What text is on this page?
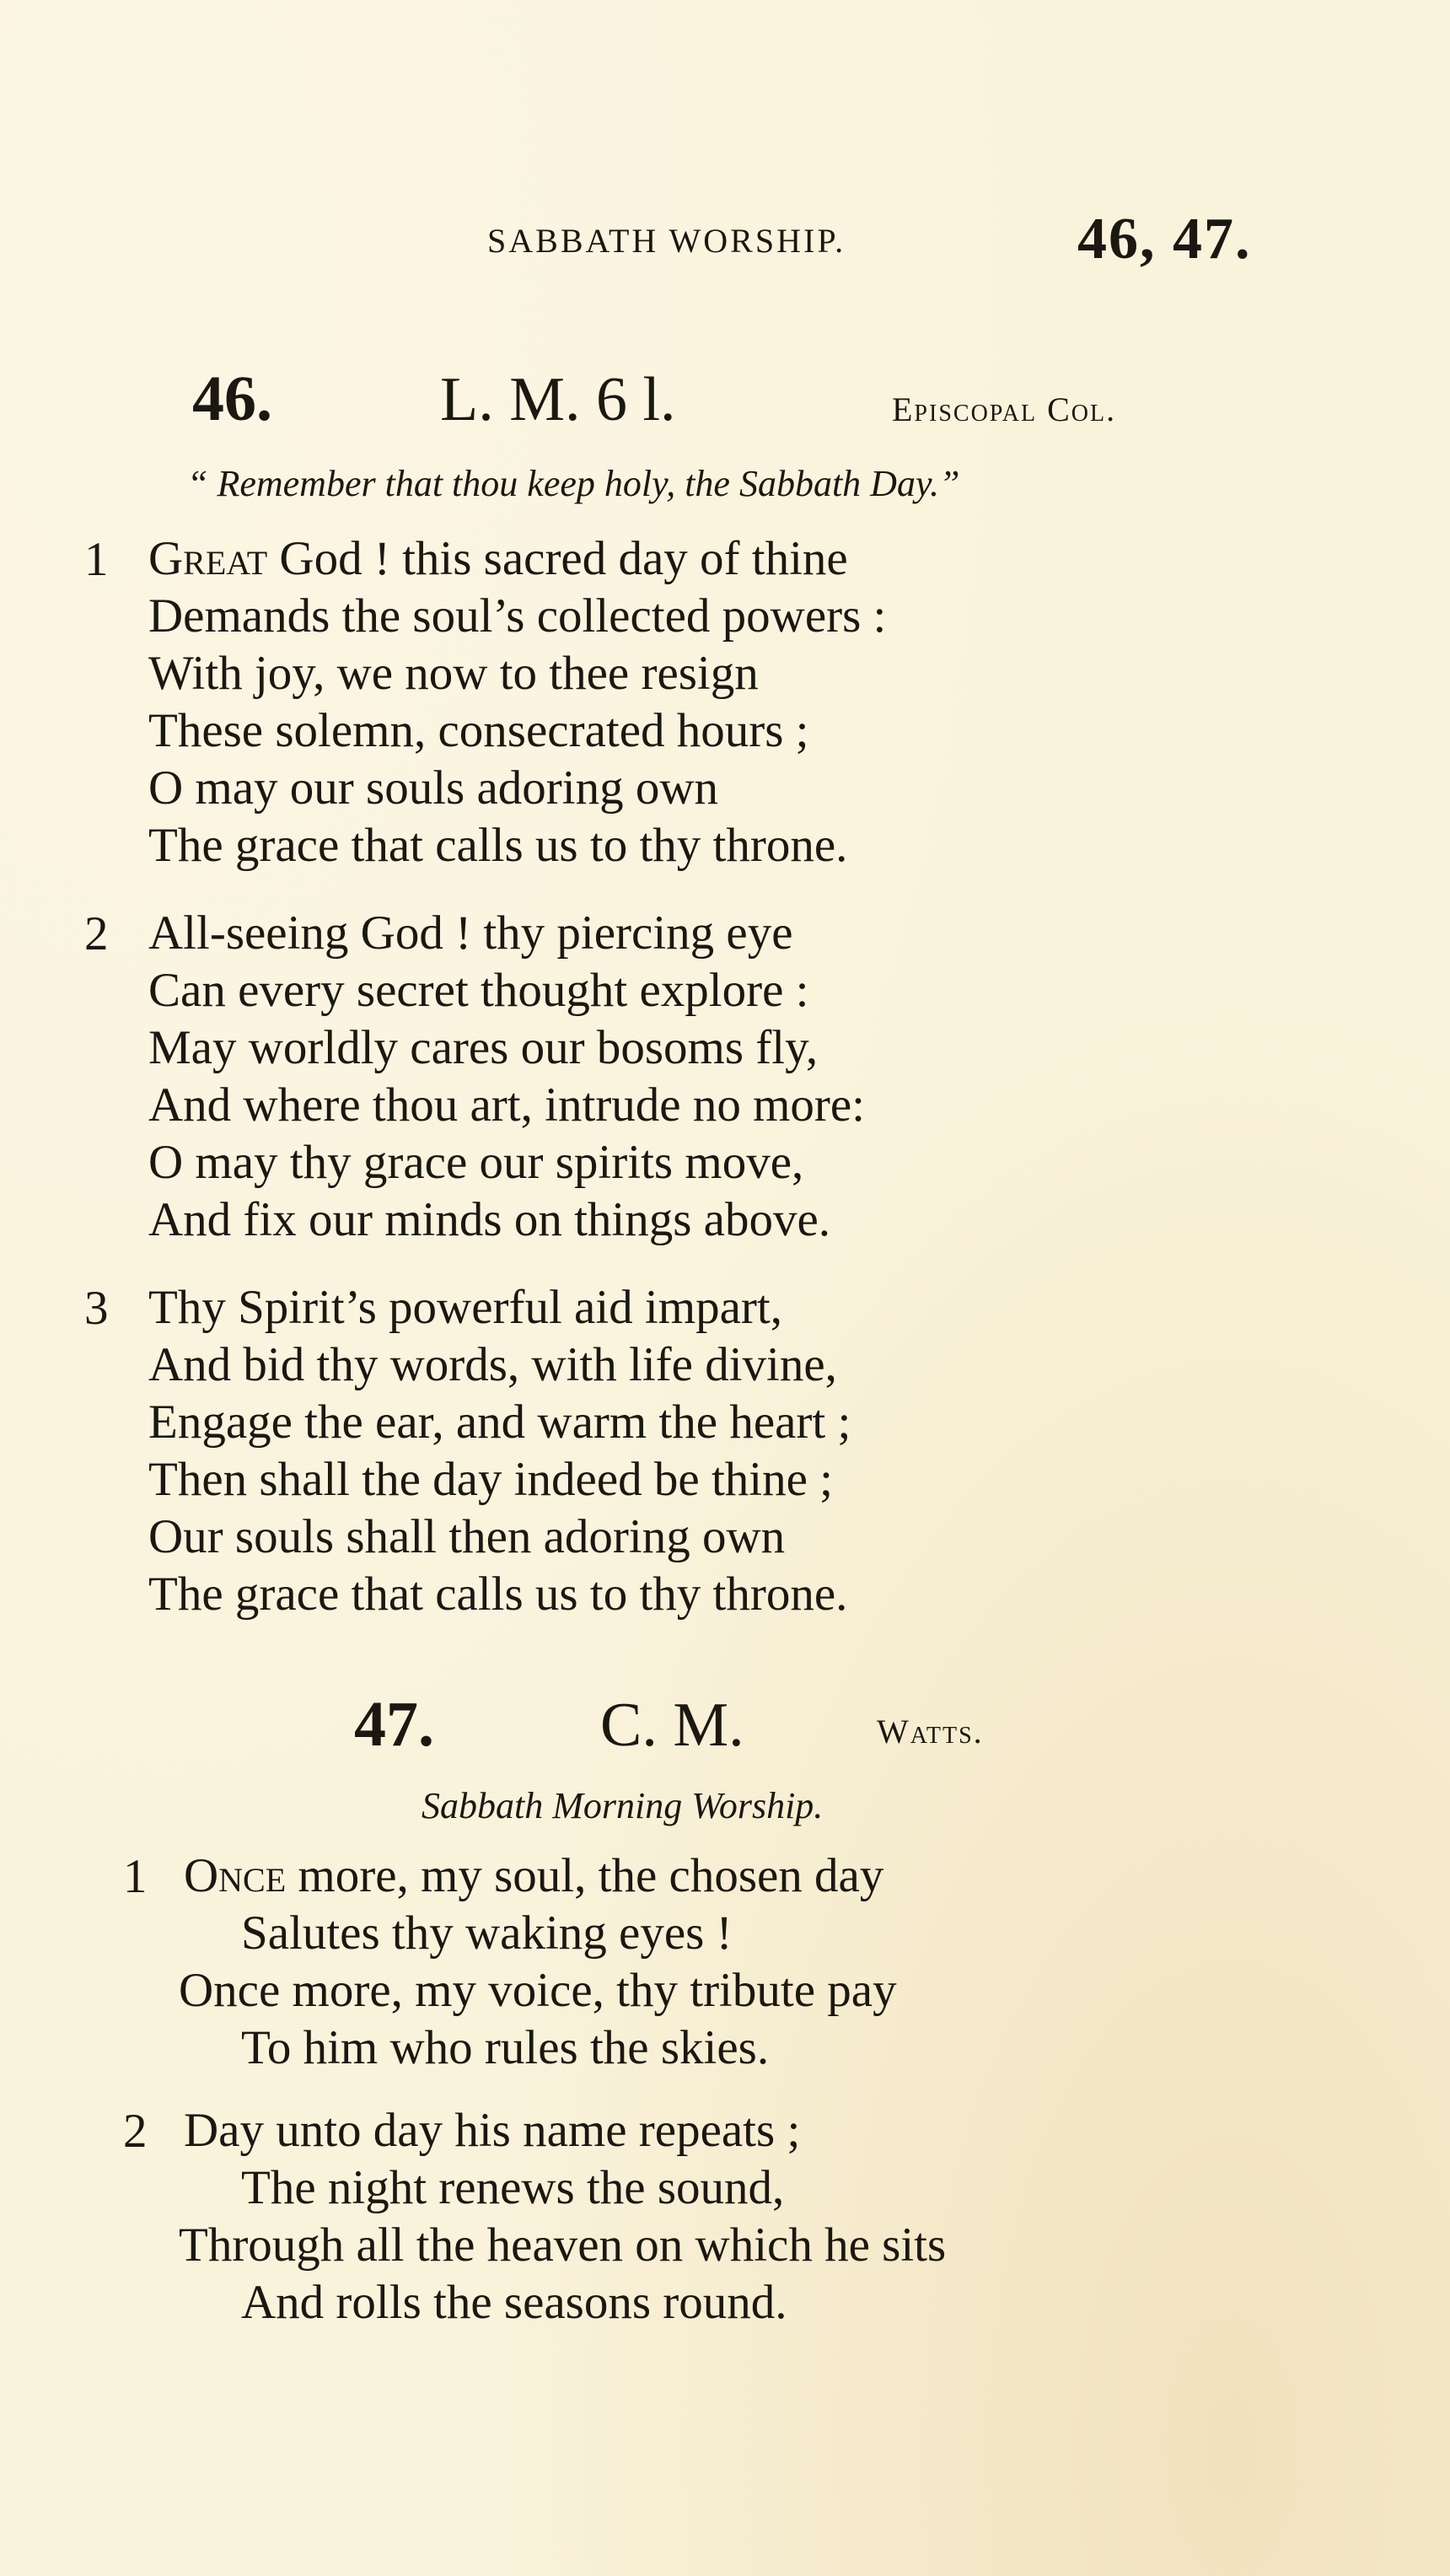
SABBATH WORSHIP.	46, 47.
46.	L. M. 6 l.	Episcopal Col.
“ Remember that thou keep holy, the Sabbath Day.”
1 Great God ! this sacred day of thine
Demands the soul’s collected powers :
With joy, we now to thee resign
These solemn, consecrated hours ;
O may our souls adoring own
The grace that calls us to thy throne.
2 All-seeing God ! thy piercing eye
Can every secret thought explore :
May worldly cares our bosoms fly,
And where thou art, intrude no more:
O may thy grace our spirits move,
And fix our minds on things above.
3 Thy Spirit’s powerful aid impart,
And bid thy words, with life divine,
Engage the ear, and warm the heart ;
Then shall the day indeed be thine ;
Our souls shall then adoring own
The grace that calls us to thy throne.
47.	C. M.	Watts.
Sabbath Morning Worship.
1 Once more, my soul, the chosen day
Salutes thy waking eyes !
Once more, my voice, thy tribute pay
To him who rules the skies.
2 Day unto day his name repeats ;
The night renews the sound,
Through all the heaven on which he sits
And rolls the seasons round.
